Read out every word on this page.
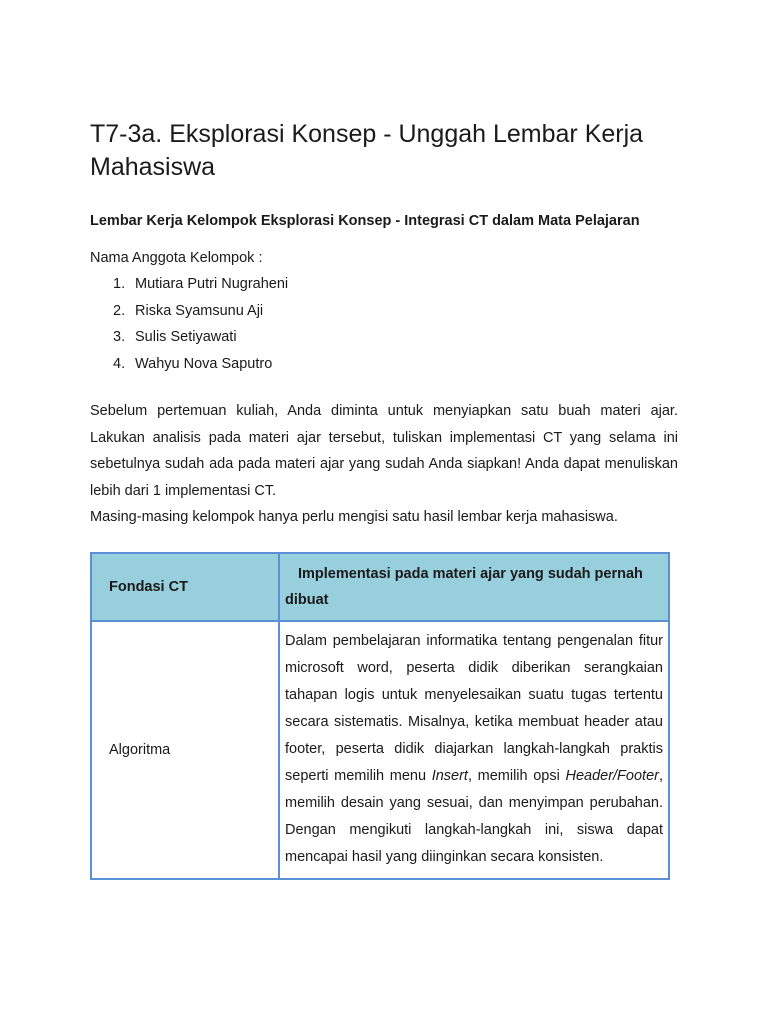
T7-3a. Eksplorasi Konsep - Unggah Lembar Kerja Mahasiswa

Lembar Kerja Kelompok Eksplorasi Konsep - Integrasi CT dalam Mata Pelajaran

Nama Anggota Kelompok :

1. Mutiara Putri Nugraheni
2. Riska Syamsunu Aji
3. Sulis Setiyawati
4. Wahyu Nova Saputro

Sebelum pertemuan kuliah, Anda diminta untuk menyiapkan satu buah materi ajar. Lakukan analisis pada materi ajar tersebut, tuliskan implementasi CT yang selama ini sebetulnya sudah ada pada materi ajar yang sudah Anda siapkan! Anda dapat menuliskan lebih dari 1 implementasi CT.

Masing-masing kelompok hanya perlu mengisi satu hasil lembar kerja mahasiswa.

Fondasi CT	Implementasi pada materi ajar yang sudah pernah
dibuat
Algoritma	Dalam pembelajaran informatika tentang pengenalan fitur microsoft word, peserta didik diberikan serangkaian tahapan logis untuk menyelesaikan suatu tugas tertentu secara sistematis. Misalnya, ketika membuat header atau footer, peserta didik diajarkan langkah-langkah praktis seperti memilih menu Insert, memilih opsi Header/Footer, memilih desain yang sesuai, dan menyimpan perubahan. Dengan mengikuti langkah-langkah ini, siswa dapat mencapai hasil yang diinginkan secara konsisten.
